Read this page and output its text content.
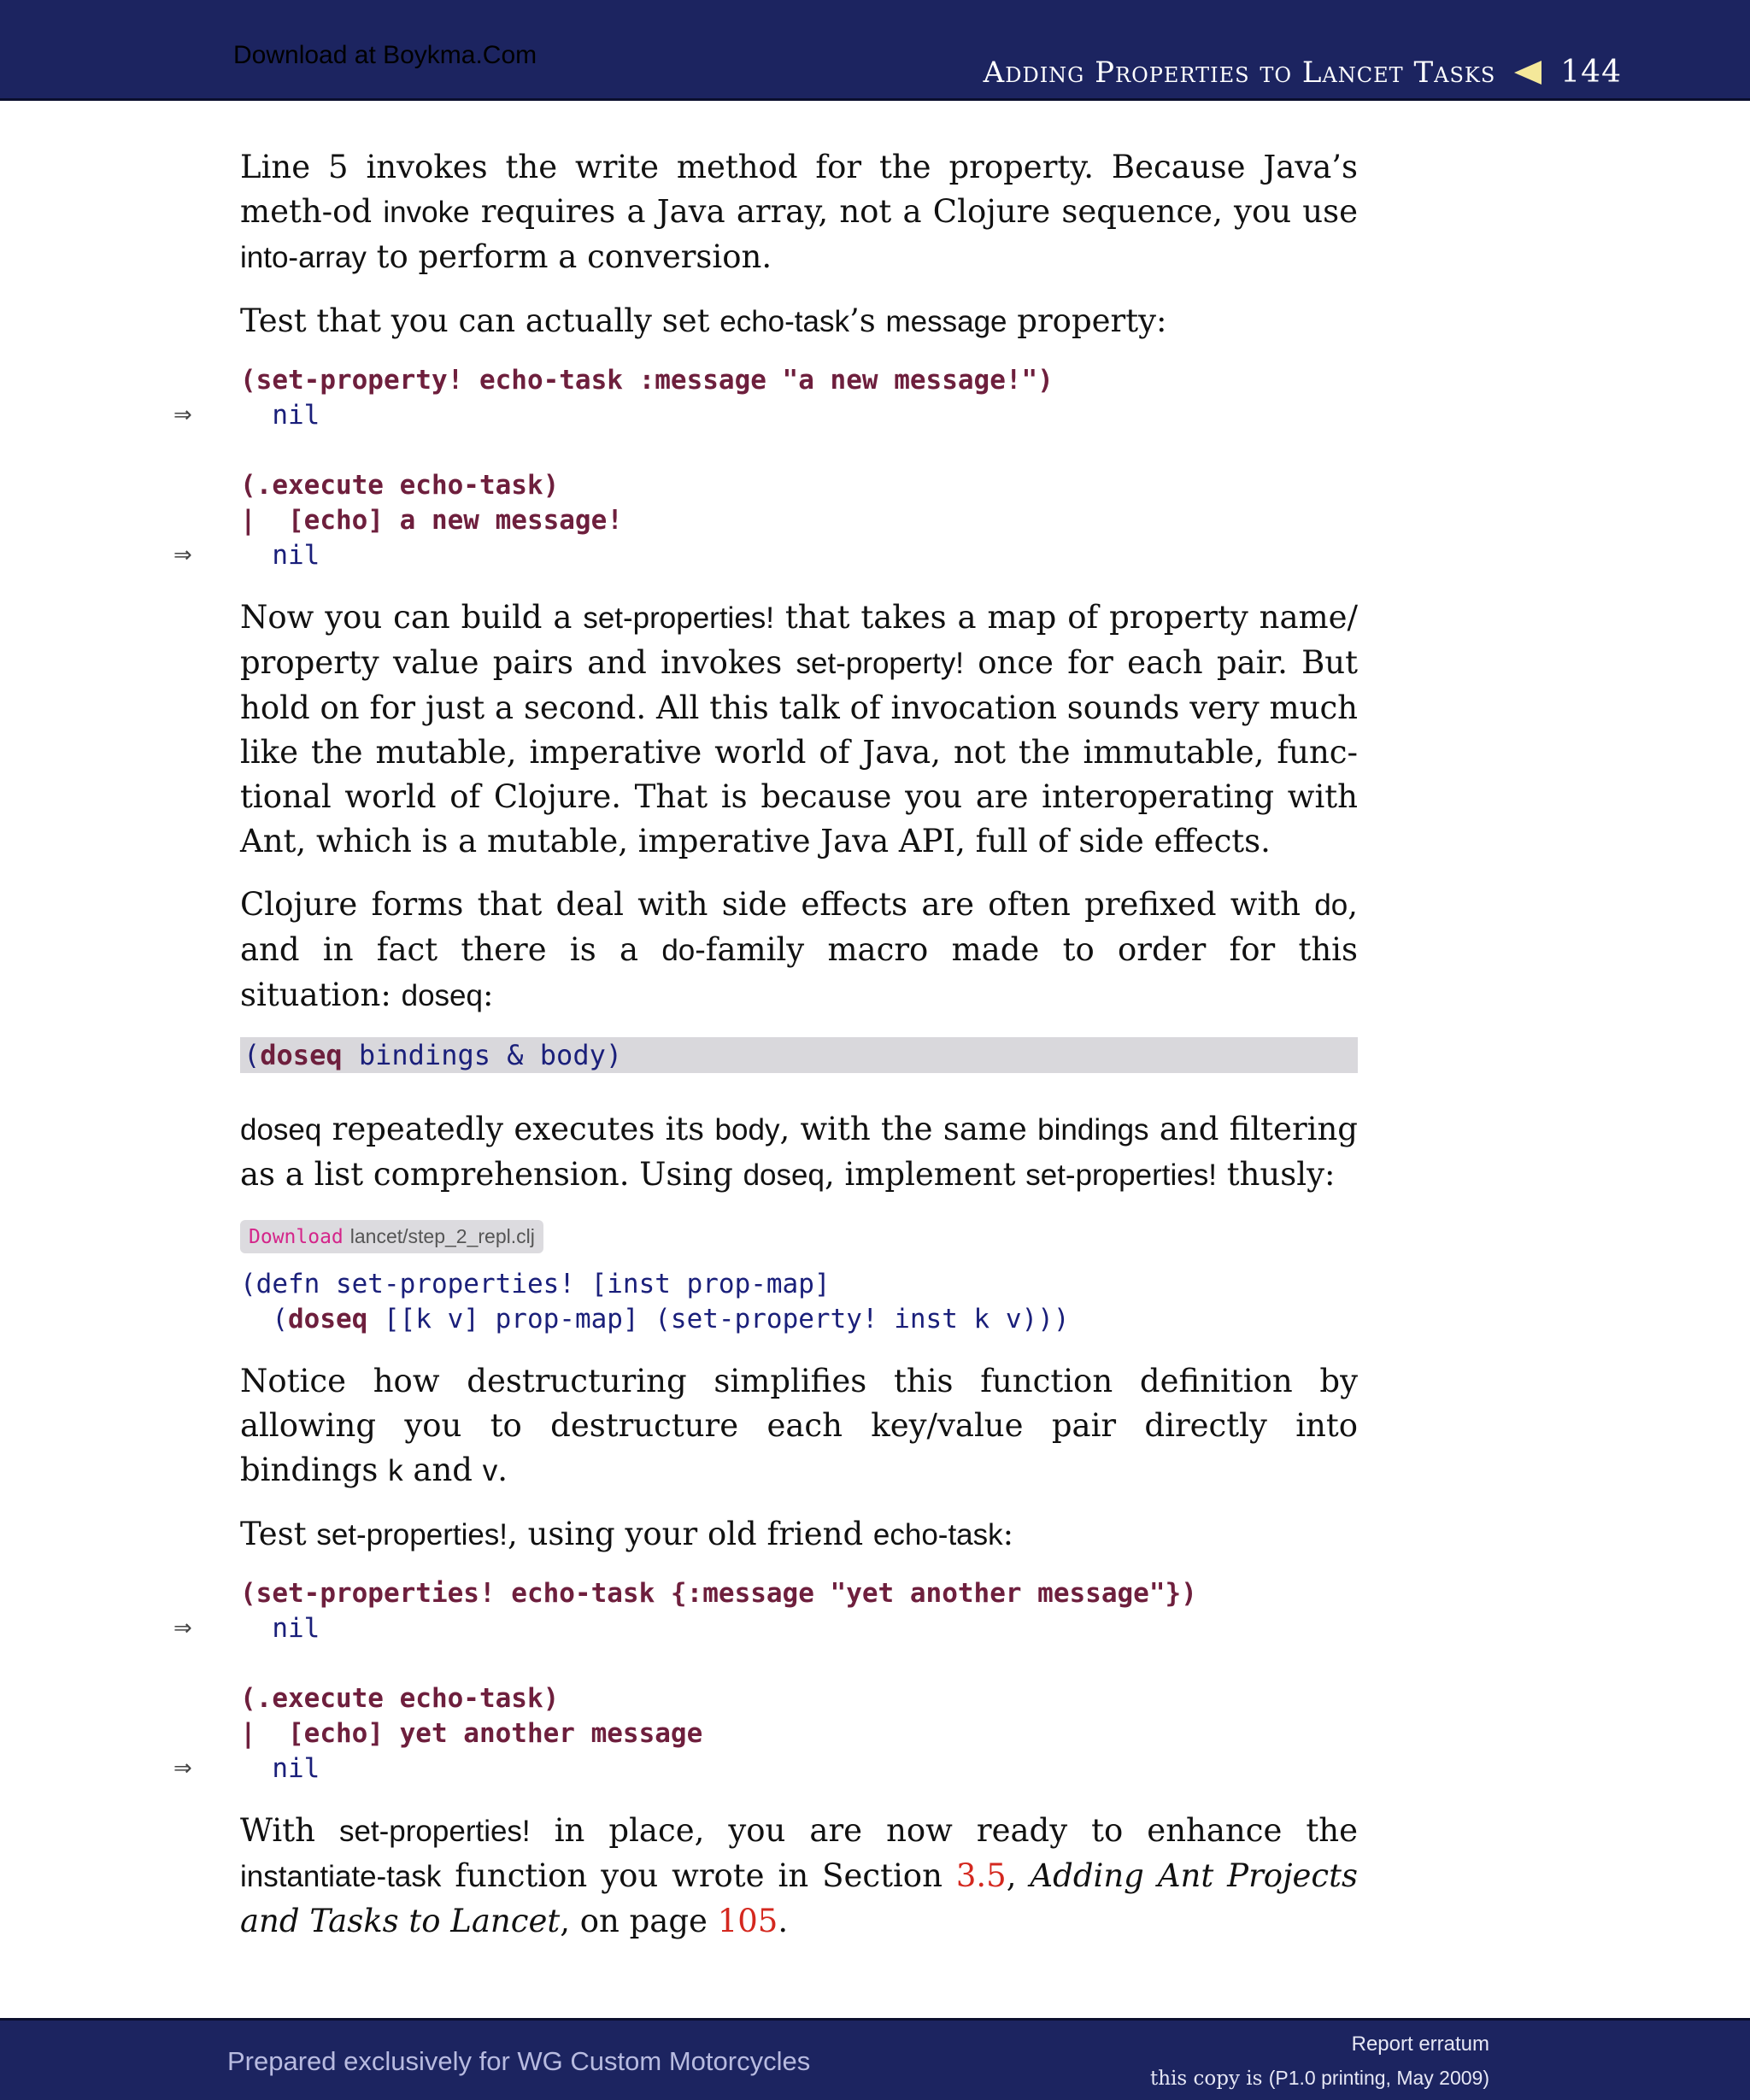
Download at Boykma.Com	Adding Properties to Lancet Tasks 144

Line 5 invokes the write method for the property. Because Java’s meth-od invoke requires a Java array, not a Clojure sequence, you use into-array to perform a conversion.

Test that you can actually set echo-task’s message property:

(set-property! echo-task :message "a new message!")
⇒ nil
(.execute echo-task)
|  [echo] a new message!
⇒ nil

Now you can build a set-properties! that takes a map of property name/ property value pairs and invokes set-property! once for each pair. But hold on for just a second. All this talk of invocation sounds very much like the mutable, imperative world of Java, not the immutable, func-tional world of Clojure. That is because you are interoperating with Ant, which is a mutable, imperative Java API, full of side effects.

Clojure forms that deal with side effects are often prefixed with do, and in fact there is a do-family macro made to order for this situation: doseq:

(doseq bindings & body)

doseq repeatedly executes its body, with the same bindings and filtering as a list comprehension. Using doseq, implement set-properties! thusly:

Download lancet/step_2_repl.clj
(defn set-properties! [inst prop-map]
(doseq [[k v] prop-map] (set-property! inst k v)))

Notice how destructuring simplifies this function definition by allowing you to destructure each key/value pair directly into bindings k and v.

Test set-properties!, using your old friend echo-task:

(set-properties! echo-task {:message "yet another message"})
⇒ nil
(.execute echo-task)
|  [echo] yet another message
⇒ nil

With set-properties! in place, you are now ready to enhance the instantiate-task function you wrote in Section 3.5, Adding Ant Projects and Tasks to Lancet, on page 105.

Prepared exclusively for WG Custom Motorcycles
Report erratum
this copy is (P1.0 printing, May 2009)
